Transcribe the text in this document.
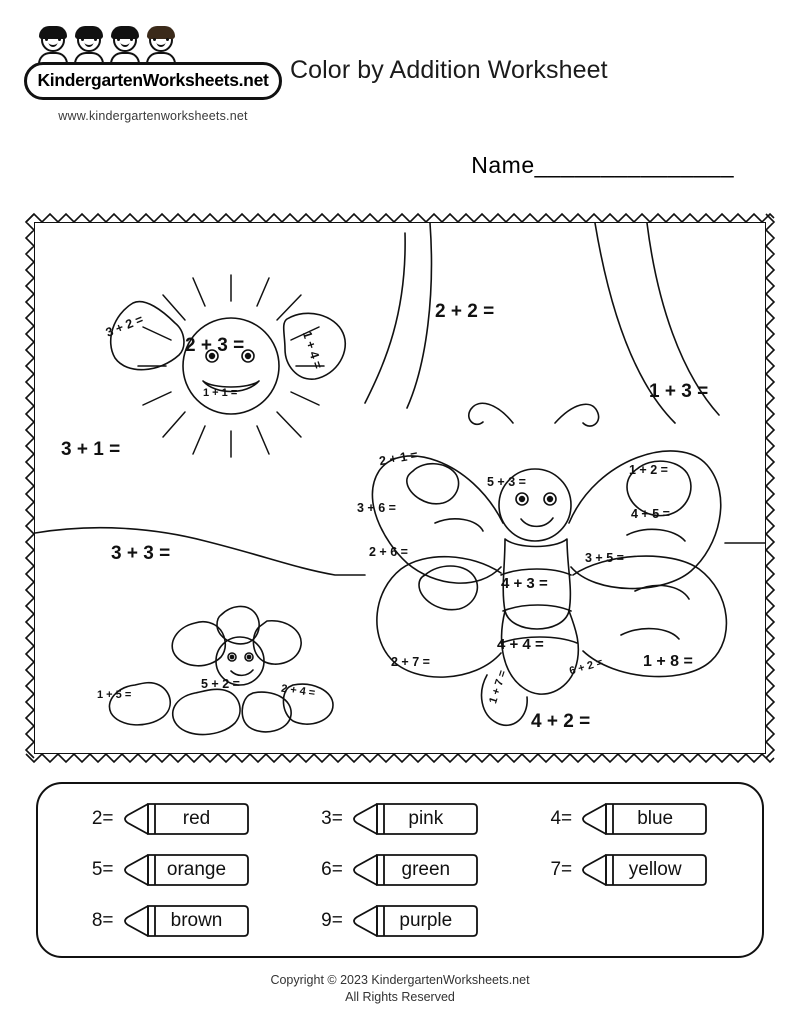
KindergartenWorksheets.net
www.kindergartenworksheets.net
Color by Addition Worksheet
Name_______________
3 + 2 =
2 + 3 =
1 + 1 =
1 + 4 =
3 + 1 =
2 + 2 =
1 + 3 =
3 + 3 =
2 + 1 =
3 + 6 =
2 + 6 =
5 + 3 =
1 + 2 =
4 + 5 =
3 + 5 =
4 + 3 =
4 + 4 =
2 + 7 =
1 + 7 =
6 + 2 = 1 + 8 =
4 + 2 =
1 + 5 =
5 + 2 =	2 + 4 =
2=	red	3=	pink	4=	blue
5=	orange	6=	green	7=	yellow
8=	brown	9=	purple
Copyright © 2023 KindergartenWorksheets.net
All Rights Reserved
